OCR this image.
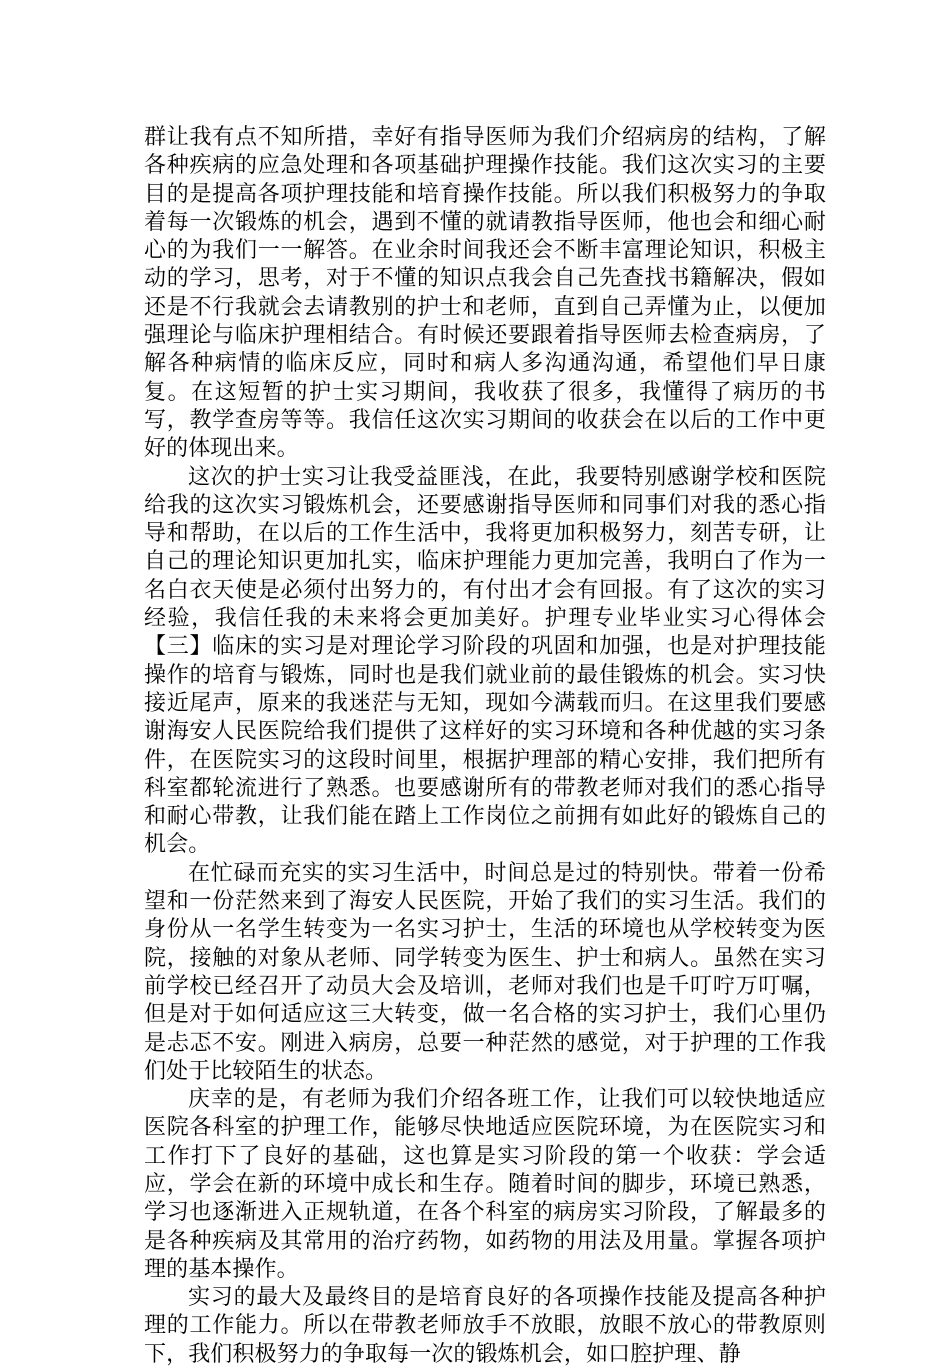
群让我有点不知所措，幸好有指导医师为我们介绍病房的结构，了解各种疾病的应急处理和各项基础护理操作技能。我们这次实习的主要目的是提高各项护理技能和培育操作技能。所以我们积极努力的争取着每一次锻炼的机会，遇到不懂的就请教指导医师，他也会和细心耐心的为我们一一解答。在业余时间我还会不断丰富理论知识，积极主动的学习，思考，对于不懂的知识点我会自己先查找书籍解决，假如还是不行我就会去请教别的护士和老师，直到自己弄懂为止，以便加强理论与临床护理相结合。有时候还要跟着指导医师去检查病房，了解各种病情的临床反应，同时和病人多沟通沟通，希望他们早日康复。在这短暂的护士实习期间，我收获了很多，我懂得了病历的书写，教学查房等等。我信任这次实习期间的收获会在以后的工作中更好的体现出来。

这次的护士实习让我受益匪浅，在此，我要特别感谢学校和医院给我的这次实习锻炼机会，还要感谢指导医师和同事们对我的悉心指导和帮助，在以后的工作生活中，我将更加积极努力，刻苦专研，让自己的理论知识更加扎实，临床护理能力更加完善，我明白了作为一名白衣天使是必须付出努力的，有付出才会有回报。有了这次的实习经验，我信任我的未来将会更加美好。护理专业毕业实习心得体会【三】临床的实习是对理论学习阶段的巩固和加强，也是对护理技能操作的培育与锻炼，同时也是我们就业前的最佳锻炼的机会。实习快接近尾声，原来的我迷茫与无知，现如今满载而归。在这里我们要感谢海安人民医院给我们提供了这样好的实习环境和各种优越的实习条件，在医院实习的这段时间里，根据护理部的精心安排，我们把所有科室都轮流进行了熟悉。也要感谢所有的带教老师对我们的悉心指导和耐心带教，让我们能在踏上工作岗位之前拥有如此好的锻炼自己的机会。

在忙碌而充实的实习生活中，时间总是过的特别快。带着一份希望和一份茫然来到了海安人民医院，开始了我们的实习生活。我们的身份从一名学生转变为一名实习护士，生活的环境也从学校转变为医院，接触的对象从老师、同学转变为医生、护士和病人。虽然在实习前学校已经召开了动员大会及培训，老师对我们也是千叮咛万叮嘱，但是对于如何适应这三大转变，做一名合格的实习护士，我们心里仍是忐忑不安。刚进入病房，总要一种茫然的感觉，对于护理的工作我们处于比较陌生的状态。

庆幸的是，有老师为我们介绍各班工作，让我们可以较快地适应医院各科室的护理工作，能够尽快地适应医院环境，为在医院实习和工作打下了良好的基础，这也算是实习阶段的第一个收获：学会适应，学会在新的环境中成长和生存。随着时间的脚步，环境已熟悉，学习也逐渐进入正规轨道，在各个科室的病房实习阶段，了解最多的是各种疾病及其常用的治疗药物，如药物的用法及用量。掌握各项护理的基本操作。

实习的最大及最终目的是培育良好的各项操作技能及提高各种护理的工作能力。所以在带教老师放手不放眼，放眼不放心的带教原则下，我们积极努力的争取每一次的锻炼机会，如口腔护理、静
